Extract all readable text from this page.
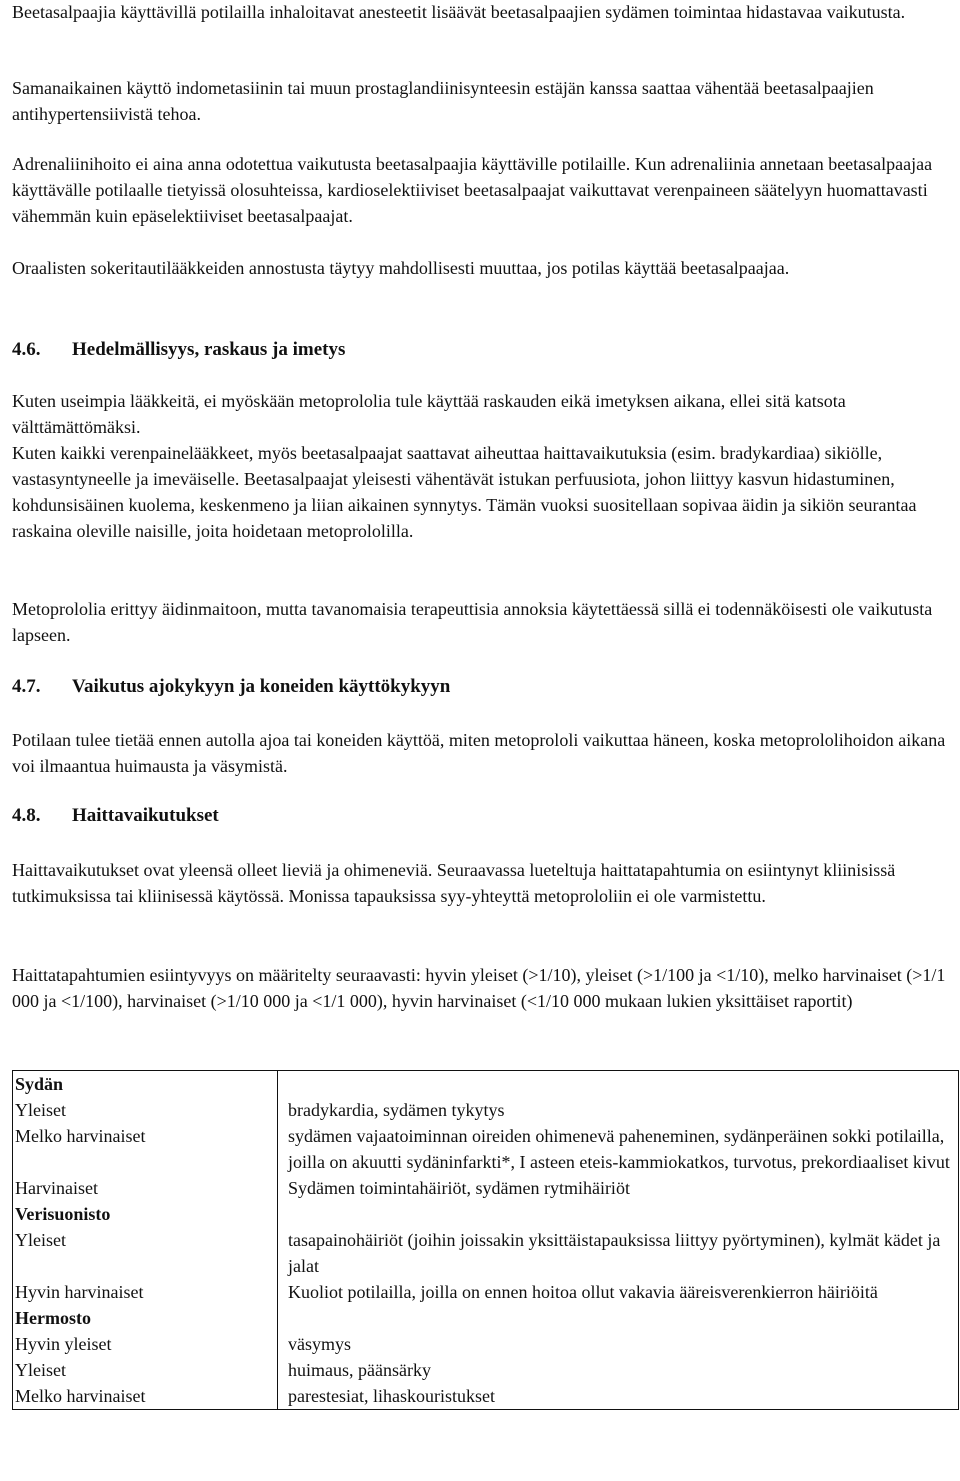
Beetasalpaajia käyttävillä potilailla inhaloitavat anesteetit lisäävät beetasalpaajien sydämen toimintaa hidastavaa vaikutusta.

Samanaikainen käyttö indometasiinin tai muun prostaglandiinisynteesin estäjän kanssa saattaa vähentää beetasalpaajien antihypertensiivistä tehoa.

Adrenaliinihoito ei aina anna odotettua vaikutusta beetasalpaajia käyttäville potilaille. Kun adrenaliinia annetaan beetasalpaajaa käyttävälle potilaalle tietyissä olosuhteissa, kardioselektiiviset beetasalpaajat vaikuttavat verenpaineen säätelyyn huomattavasti vähemmän kuin epäselektiiviset beetasalpaajat.

Oraalisten sokeritautilääkkeiden annostusta täytyy mahdollisesti muuttaa, jos potilas käyttää beetasalpaajaa.

4.6. Hedelmällisyys, raskaus ja imetys

Kuten useimpia lääkkeitä, ei myöskään metoprololia tule käyttää raskauden eikä imetyksen aikana, ellei sitä katsota välttämättömäksi.

Kuten kaikki verenpainelääkkeet, myös beetasalpaajat saattavat aiheuttaa haittavaikutuksia (esim. bradykardiaa) sikiölle, vastasyntyneelle ja imeväiselle. Beetasalpaajat yleisesti vähentävät istukan perfuusiota, johon liittyy kasvun hidastuminen, kohdunsisäinen kuolema, keskenmeno ja liian aikainen synnytys. Tämän vuoksi suositellaan sopivaa äidin ja sikiön seurantaa raskaina oleville naisille, joita hoidetaan metoprololilla.

Metoprololia erittyy äidinmaitoon, mutta tavanomaisia terapeuttisia annoksia käytettäessä sillä ei todennäköisesti ole vaikutusta lapseen.

4.7. Vaikutus ajokykyyn ja koneiden käyttökykyyn

Potilaan tulee tietää ennen autolla ajoa tai koneiden käyttöä, miten metoprololi vaikuttaa häneen, koska metoprololihoidon aikana voi ilmaantua huimausta ja väsymistä.

4.8. Haittavaikutukset

Haittavaikutukset ovat yleensä olleet lieviä ja ohimeneviä. Seuraavassa lueteltuja haittatapahtumia on esiintynyt kliinisissä tutkimuksissa tai kliinisessä käytössä. Monissa tapauksissa syy-yhteyttä metoprololiin ei ole varmistettu.

Haittatapahtumien esiintyvyys on määritelty seuraavasti: hyvin yleiset (>1/10), yleiset (>1/100 ja <1/10), melko harvinaiset (>1/1 000 ja <1/100), harvinaiset (>1/10 000 ja <1/1 000), hyvin harvinaiset (<1/10 000 mukaan lukien yksittäiset raportit)

Sydän	
Yleiset	bradykardia, sydämen tykytys
Melko harvinaiset	sydämen vajaatoiminnan oireiden ohimenevä paheneminen, sydänperäinen sokki potilailla, joilla on akuutti sydäninfarkti*, I asteen eteis-kammiokatkos, turvotus, prekordiaaliset kivut
Harvinaiset	Sydämen toimintahäiriöt, sydämen rytmihäiriöt
Verisuonisto	
Yleiset	tasapainohäiriöt (joihin joissakin yksittäistapauksissa liittyy pyörtyminen), kylmät kädet ja jalat
Hyvin harvinaiset	Kuoliot potilailla, joilla on ennen hoitoa ollut vakavia ääreisverenkierron häiriöitä
Hermosto	
Hyvin yleiset	väsymys
Yleiset	huimaus, päänsärky
Melko harvinaiset	parestesiat, lihaskouristukset
